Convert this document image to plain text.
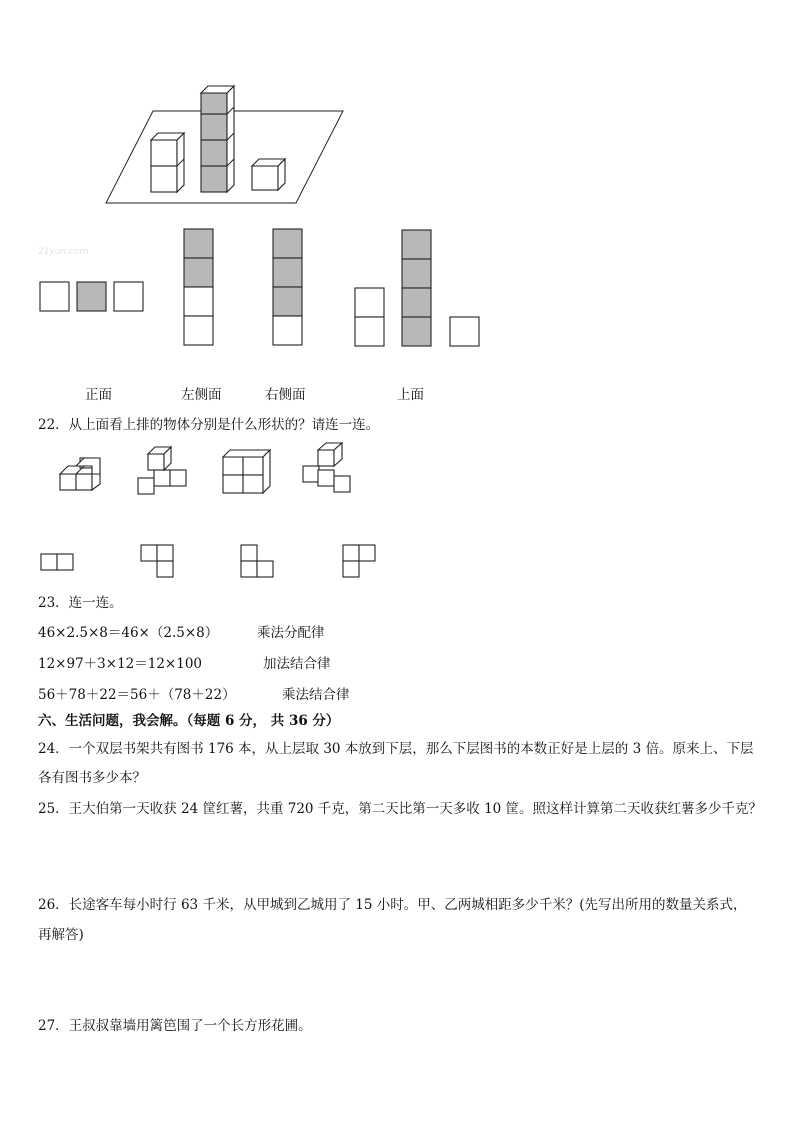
21yun.com
正面	左侧面	右侧面	上面
22．从上面看上排的物体分别是什么形状的？请连一连。
23．连一连。
46×2.5×8＝46×（2.5×8）	乘法分配律
12×97＋3×12＝12×100	加法结合律
56＋78＋22＝56＋（78＋22）	乘法结合律
六、生活问题，我会解。（每题 6 分， 共 36 分）
24．一个双层书架共有图书 176 本，从上层取 30 本放到下层，那么下层图书的本数正好是上层的 3 倍。原来上、下层
各有图书多少本？
25．王大伯第一天收获 24 筐红薯，共重 720 千克，第二天比第一天多收 10 筐。照这样计算第二天收获红薯多少千克？
26．长途客车每小时行 63 千米，从甲城到乙城用了 15 小时。甲、乙两城相距多少千米？(先写出所用的数量关系式，
再解答)
27．王叔叔靠墙用篱笆围了一个长方形花圃。
